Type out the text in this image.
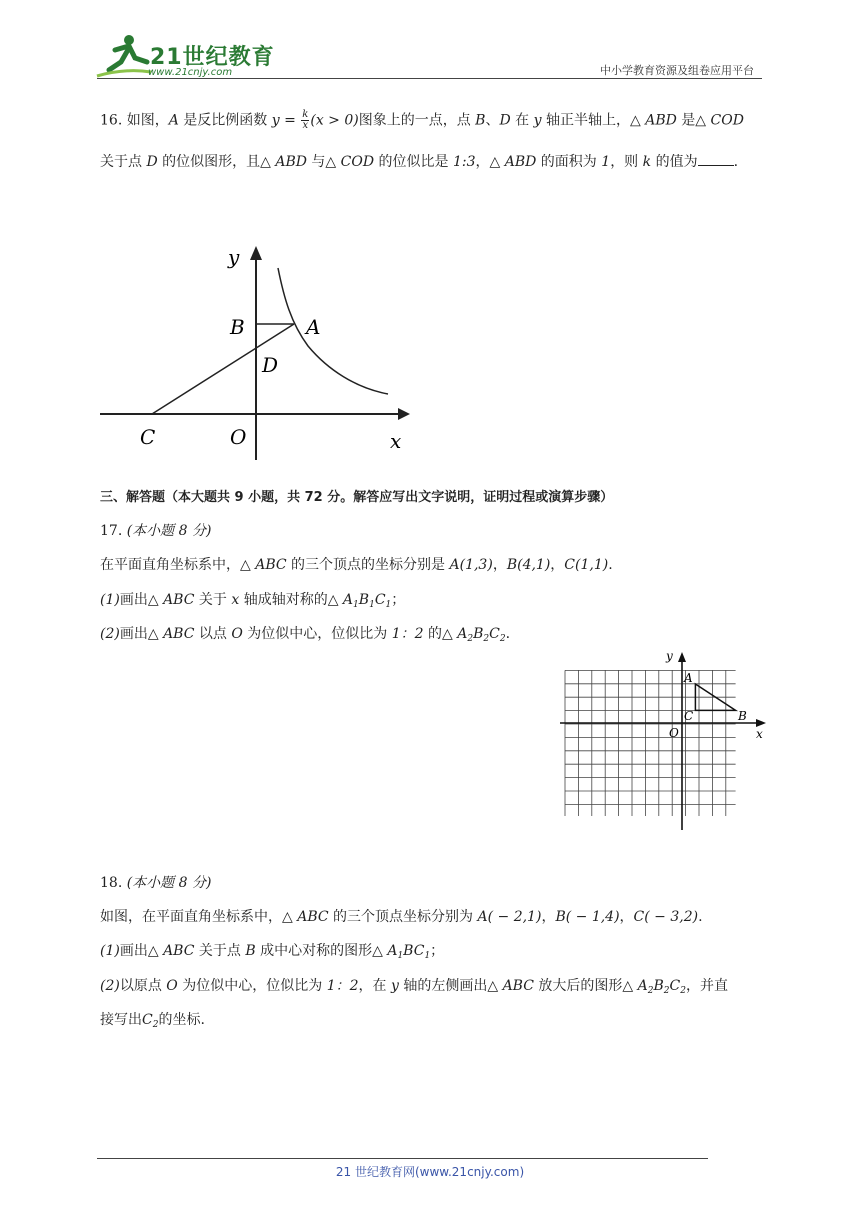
21世纪教育
www.21cnjy.com	中小学教育资源及组卷应用平台
16. 如图，A 是反比例函数 $y = \frac{k}{x} (x > 0)$图象上的一点，点 B、D 在 y 轴正半轴上，△ ABD 是△ COD
关于点 D 的位似图形，且△ ABD 与△ COD 的位似比是 1:3，△ ABD 的面积为 1，则 k 的值为	.
y
x
B	A
D
C	O
三、解答题（本大题共 9 小题，共 72 分。解答应写出文字说明，证明过程或演算步骤）
17. (本小题 8 分)
在平面直角坐标系中，△ ABC 的三个顶点的坐标分别是 A(1,3)，B(4,1)，C(1,1).
(1)画出△ ABC 关于 x 轴成轴对称的△ $A_1B_1C_1$；
(2)画出△ ABC 以点 O 为位似中心，位似比为 1：2 的△ $A_2B_2C_2$.
y
x
A
B
C
O
18. (本小题 8 分)
如图，在平面直角坐标系中，△ ABC 的三个顶点坐标分别为 A( − 2,1)，B( − 1,4)，C( − 3,2).
(1)画出△ ABC 关于点 B 成中心对称的图形△ $A_1BC_1$；
(2)以原点 O 为位似中心，位似比为 1：2，在 y 轴的左侧画出△ ABC 放大后的图形△ $A_2B_2C_2$，并直
接写出$C_2$的坐标.
21 世纪教育网(www.21cnjy.com)
